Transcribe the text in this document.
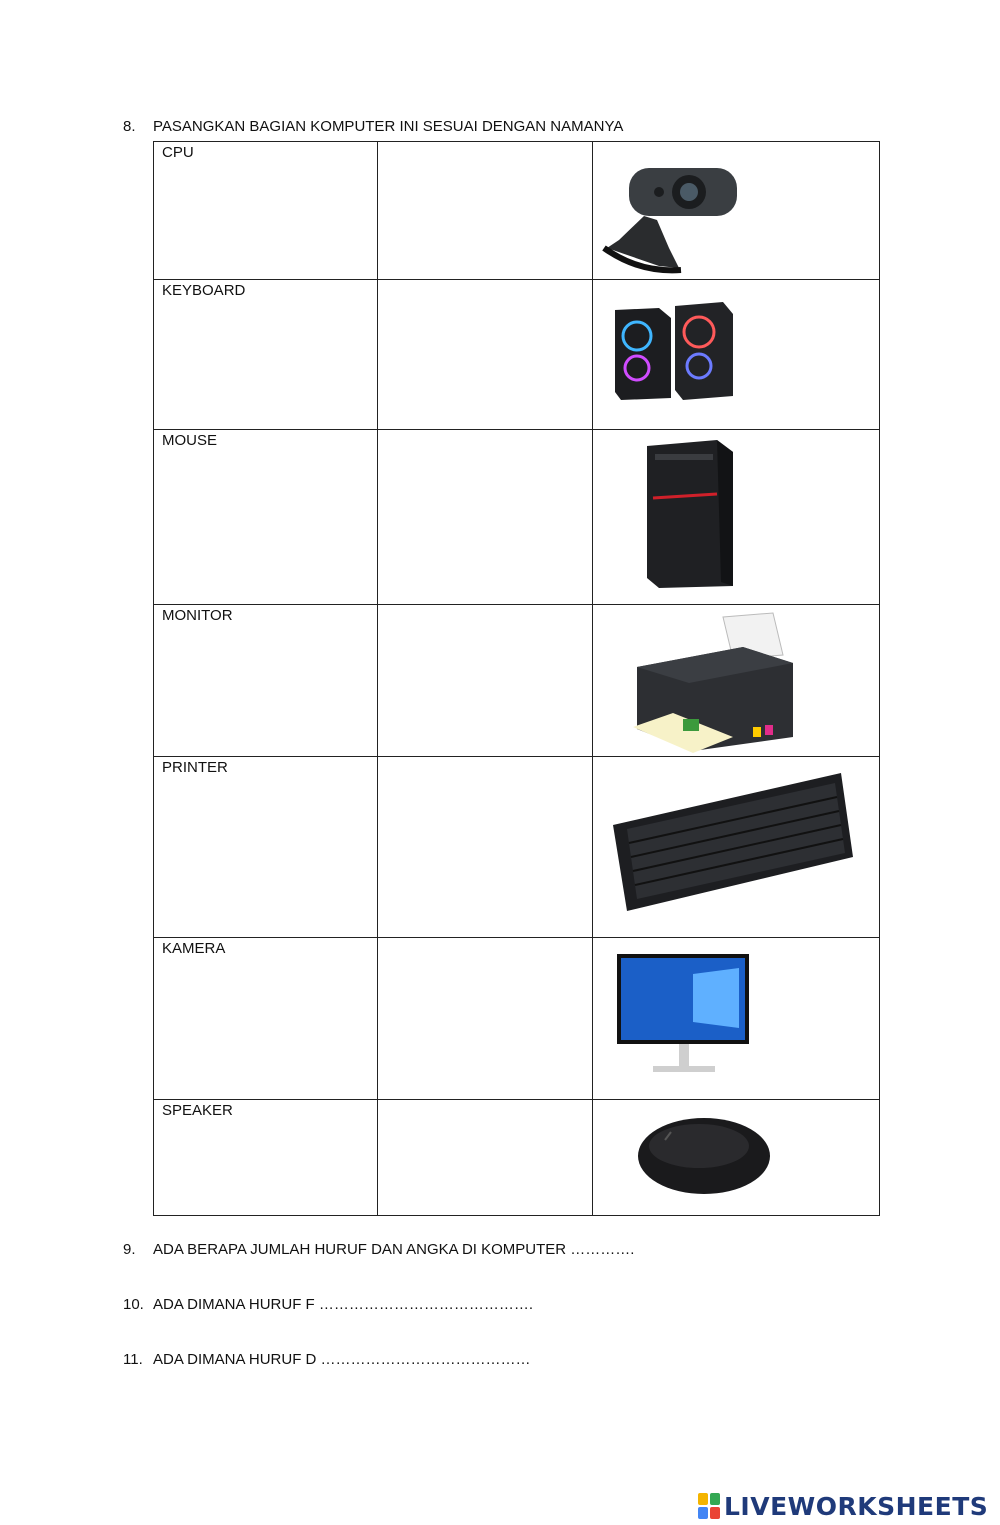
8. PASANGKAN BAGIAN KOMPUTER INI SESUAI DENGAN NAMANYA
CPU

KEYBOARD

MOUSE

MONITOR

PRINTER

KAMERA

SPEAKER

9. ADA BERAPA JUMLAH HURUF DAN ANGKA DI KOMPUTER ………….
10. ADA DIMANA HURUF F …………………………………….
11. ADA DIMANA HURUF D ……………………………………
LIVEWORKSHEETS
